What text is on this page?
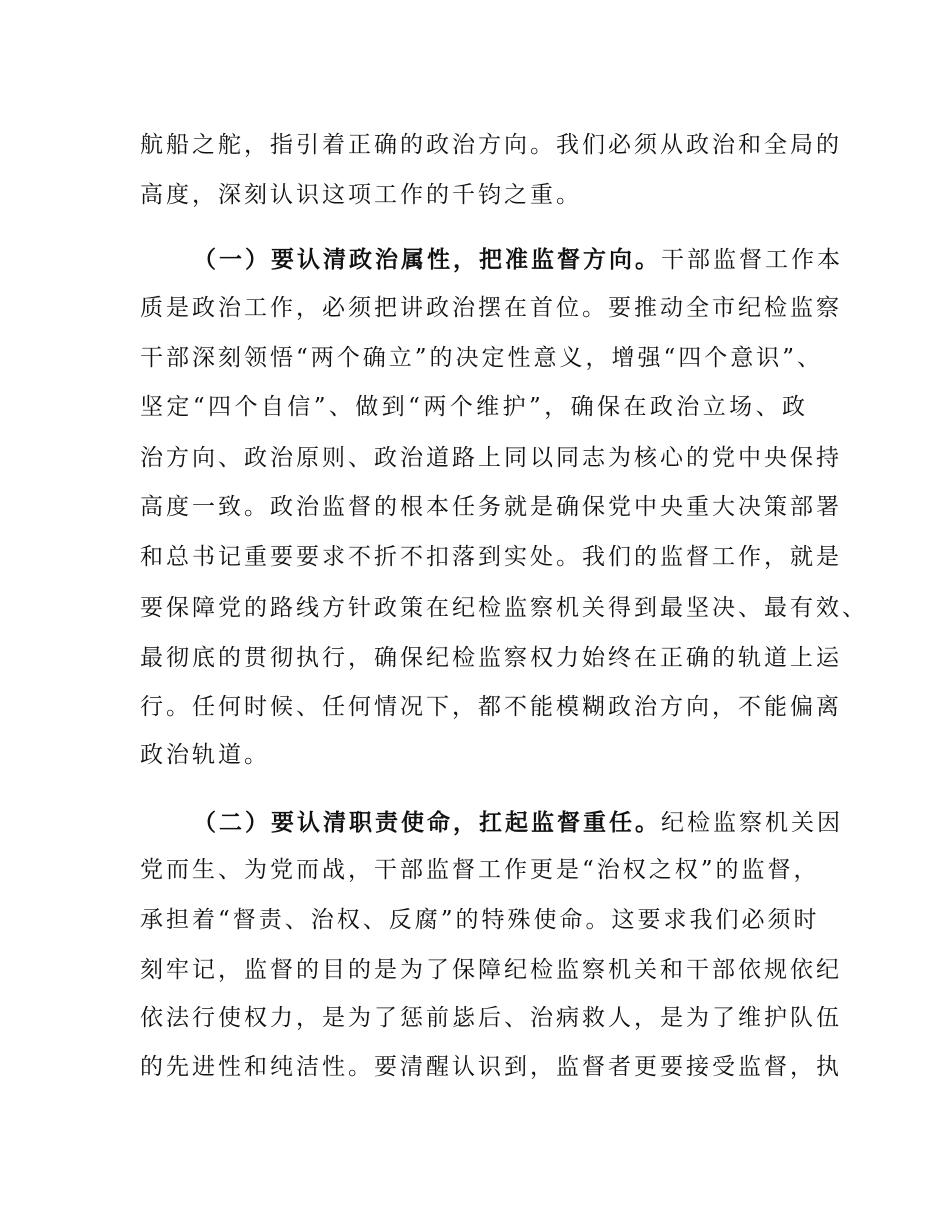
航船之舵，指引着正确的政治方向。我们必须从政治和全局的
高度，深刻认识这项工作的千钧之重。
（一）要认清政治属性，把准监督方向。干部监督工作本
质是政治工作，必须把讲政治摆在首位。要推动全市纪检监察
干部深刻领悟“两个确立”的决定性意义，增强“四个意识”、
坚定“四个自信”、做到“两个维护”，确保在政治立场、政
治方向、政治原则、政治道路上同以同志为核心的党中央保持
高度一致。政治监督的根本任务就是确保党中央重大决策部署
和总书记重要要求不折不扣落到实处。我们的监督工作，就是
要保障党的路线方针政策在纪检监察机关得到最坚决、最有效、
最彻底的贯彻执行，确保纪检监察权力始终在正确的轨道上运
行。任何时候、任何情况下，都不能模糊政治方向，不能偏离
政治轨道。
（二）要认清职责使命，扛起监督重任。纪检监察机关因
党而生、为党而战，干部监督工作更是“治权之权”的监督，
承担着“督责、治权、反腐”的特殊使命。这要求我们必须时
刻牢记，监督的目的是为了保障纪检监察机关和干部依规依纪
依法行使权力，是为了惩前毖后、治病救人，是为了维护队伍
的先进性和纯洁性。要清醒认识到，监督者更要接受监督，执
